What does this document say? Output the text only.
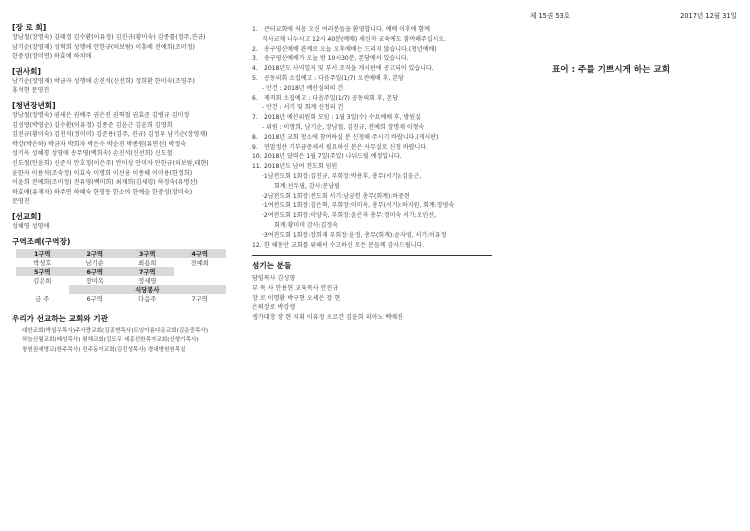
[장 로 회]
장남철(장명숙) 김태정 김수환(이유정) 김진규(황미숙) 김종률(정주,진규)
남기순(장영재) 성혁희 성행애 안한규(허보람) 이흥배 전예희(조미정)
한중성(장미연) 하효애 하치애
[권사회]
남기순(장영재) 박금자 성행애 손진석(신선희) 정희환 한미숙(조영주)
홍석현 문영진
[청년장년회]
장남철(장명숙) 권세은 권예주 권은진 권혁철 권효준 김병규 김미정
김성영(박영순) 김수환(이유정) 김종준 김윤근 김윤희 김영희
김진규(황미숙) 김진석(정이미) 김준용(김주, 진규) 김정우 남기순(장영재)
박강(박은하) 박금자 박희자 박은수 박순진 박종원(유연선) 박정숙
성기옥 성혜경 성영애 송무영(백희숙) 손진석(신선희) 신도철
신도철(안윤희) 신준식 안호정(이은주) 안미성 안미자 안한규(허보람,태현)
윤한자 이용석(조숙정) 이효숙 이명희 이선웅 이종혜 이미용(한정희)
이윤희 전예희(조미정) 전유영(백미희) 최재희(김세령) 하정숙(유명선)
하효애(유재자) 하주연 하혜숙 한영동 한소야 한예슬 한중성(장미숙)
문영진
[선교회]
성혜영 성영애
구역조례(구역장)
1구역	2구역	3구역	4구역
박성호	남기순	최용희	전예희
5구역	6구역	7구역	
김은희	장미옥	정세영	
	식당봉사		
금 주	6구역	다음주	7구역
우리가 선교하는 교회와 기관
대한교회(박일우목사)주사랑교회(김종현목사)트임아름다운교회(김운중목사)
하늘신월교회(배성목사) 평해교회(김도우 세종선한목자교회(신형기목사)
창원권세명교(한주목사) 전주동이교회(김진성목사) 경대병원원목실
1. 큰터교회에 처음 오신 여러분들을 환영합니다. 예배 이후에 함께
식사교제 나누시고 12시 40분(예배) 새신자 교육에도 참여해주십시오.
2. 송구영신예배 관계로 오늘 오후예배는 드리지 않습니다.(청년예배)
3. 송구영신예배가 오늘 밤 10시30분, 본당에서 있습니다.
4. 2018년도 사역일지 및 부서 조직을 게시판에 공고되어 있습니다.
5. 공동의회 소집예고 : 다음주일(1/7) 오전예배 후, 본당
- 안건 : 2018년 예산심의의 건
6. 제직회 소집예고 : 다음주일(1/7) 공동의회 후, 본당
- 안건 : 서기 및 회계 선정의 건
7. 2018년 예산위원회 모임 : 1월 3일(수) 수요예배 후, 방원실
- 위원 : 이명희, 남기순, 장남철, 김진규, 전예희 장명재 이형숙
8. 2018년 교회 청소에 참여하실 분 신청해 주시기 바랍니다.(게시판)
9. 연말정산 기부금증세서 필요하신 분은 사무실로 신청 바랍니다.
10. 2018년 달력은 1월 7일(주일) 나눠드릴 예정입니다.
11. 2018년도 남여 전도회 임원
·1남전도회 1회장:김진규, 부회장:박용후, 총무(서기):김윤근,
회계:선두필, 감사:문남필
·2남전도회 1회장:전도회 서기:남궁헌 총무(회계):하중현
·1여전도회 1회장:김은혁, 부회장:이미옥, 총무(서기):하지원, 회계:장영숙
·2여전도회 1회장:이양숙, 부회장:윤은자 총무:정미숙 서기:오인선,
회계:황미미 감사:김정숙
·3여전도회 1회장:장희재 부회장:윤정, 총무(회계):윤자영, 서기:이유정
12. 한 해동안 교회를 위해서 수고하신 모든 분들께 감사드립니다.
섬기는 분들
담임목사 김성영
부 목 사 안용현 교육목사 안진규
장 로 이명환 박구현 오세은 장 현
은퇴장로 박강생
생가대장 장 현 지휘 이유정 오르간 김윤희 피아노 백예진
제 15권 53호	2017년 12월 31일
표어 : 주를 기쁘시게 하는 교회
